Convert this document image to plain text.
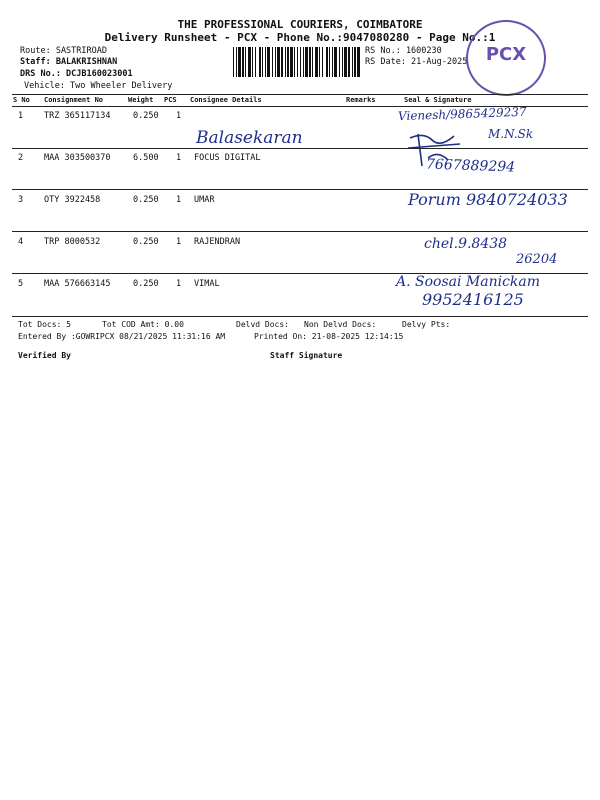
THE PROFESSIONAL COURIERS, COIMBATORE
Delivery Runsheet - PCX - Phone No.:9047080280 - Page No.:1
Route: SASTRIROAD
Staff: BALAKRISHNAN
DRS No.: DCJB160023001
Vehicle: Two Wheeler Delivery
RS No.: 1600230
RS Date: 21-Aug-2025	PCX
S No Consignment No	Weight PCS Consignee Details	Remarks	Seal & Signature
1 TRZ 365117134	0.250 1
2 MAA 303500370	6.500 1 FOCUS DIGITAL
3 OTY 3922458	0.250 1 UMAR
4 TRP 8000532	0.250 1 RAJENDRAN
5 MAA 576663145	0.250 1 VIMAL
Balasekaran
Vienesh/9865429237
M.N.Sk
7667889294
Porum 9840724033
chel.9.8438
26204
A. Soosai Manickam
9952416125
Tot Docs: 5	Tot COD Amt: 0.00	Delvd Docs: Non Delvd Docs:	Delvy Pts:
Entered By :GOWRIPCX 08/21/2025 11:31:16 AM	Printed On: 21-08-2025 12:14:15
Verified By	Staff Signature
